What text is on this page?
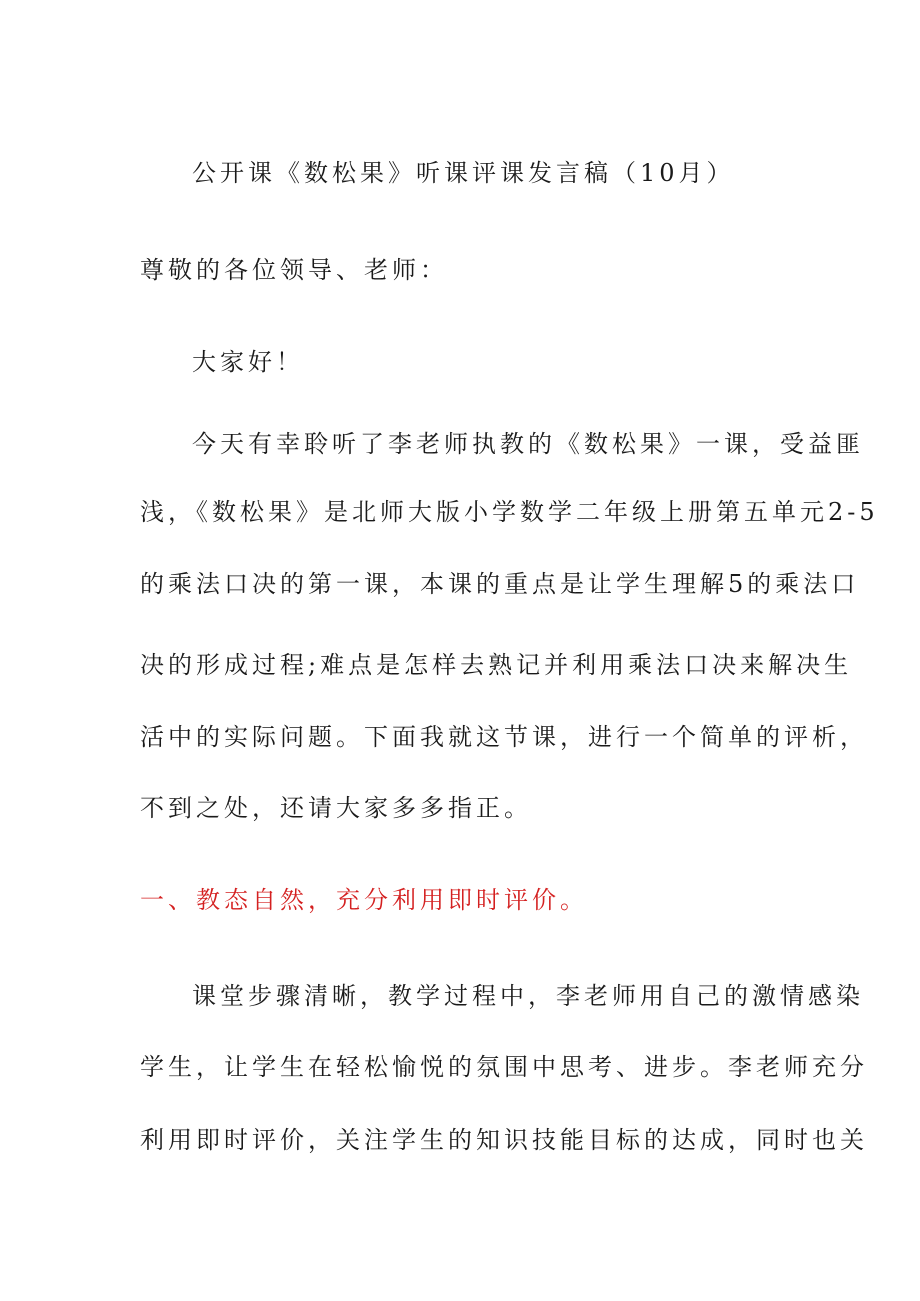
公开课《数松果》听课评课发言稿（10月）
尊敬的各位领导、老师：
大家好！
今天有幸聆听了李老师执教的《数松果》一课，受益匪
浅，《数松果》是北师大版小学数学二年级上册第五单元2-5
的乘法口决的第一课，本课的重点是让学生理解5的乘法口
决的形成过程;难点是怎样去熟记并利用乘法口决来解决生
活中的实际问题。下面我就这节课，进行一个简单的评析，
不到之处，还请大家多多指正。
一、教态自然，充分利用即时评价。
课堂步骤清晰，教学过程中，李老师用自己的激情感染
学生，让学生在轻松愉悦的氛围中思考、进步。李老师充分
利用即时评价，关注学生的知识技能目标的达成，同时也关
